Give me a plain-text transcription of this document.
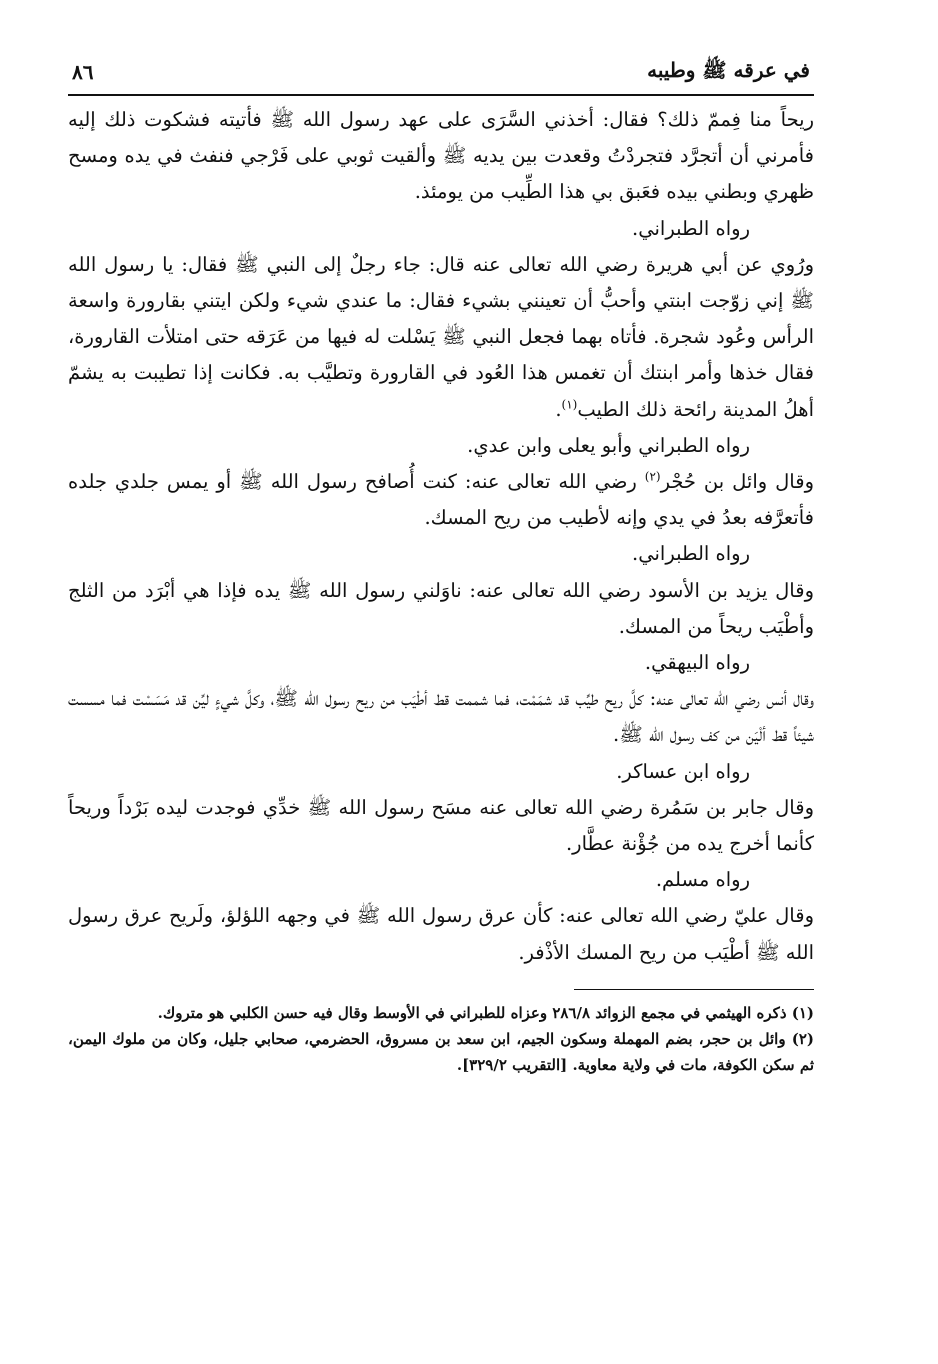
في عرقه ﷺ وطيبه
٨٦

ريحاً منا فِممّ ذلك؟ فقال: أخذني السَّرَى على عهد رسول الله ﷺ فأتيته فشكوت ذلك إليه فأمرني أن أتجرَّد فتجردْتُ وقعدت بين يديه ﷺ وألقيت ثوبي على فَرْجي فنفث في يده ومسح ظهري وبطني بيده فعَبق بي هذا الطِّيب من يومئذ.

رواه الطبراني.

ورُوي عن أبي هريرة رضي الله تعالى عنه قال: جاء رجلٌ إلى النبي ﷺ فقال: يا رسول الله ﷺ إني زوّجت ابنتي وأحبُّ أن تعينني بشيء فقال: ما عندي شيء ولكن ايتني بقارورة واسعة الرأس وعُود شجرة. فأتاه بهما فجعل النبي ﷺ يَسْلت له فيها من عَرَقه حتى امتلأت القارورة، فقال خذها وأمر ابنتك أن تغمس هذا العُود في القارورة وتطيَّب به. فكانت إذا تطيبت به يشمّ أهلُ المدينة رائحة ذلك الطيب$^{(١)}$.

رواه الطبراني وأبو يعلى وابن عدي.

وقال وائل بن حُجْر$^{(٢)}$ رضي الله تعالى عنه: كنت أُصافح رسول الله ﷺ أو يمس جلدي جلده فأتعرَّفه بعدُ في يدي وإنه لأطيب من ريح المسك.

رواه الطبراني.

وقال يزيد بن الأسود رضي الله تعالى عنه: ناوَلني رسول الله ﷺ يده فإذا هي أبْرَد من الثلج وأطْيَب ريحاً من المسك.

رواه البيهقي.

وقال أنس رضي الله تعالى عنه: كلَّ ريح طيِّب قد شمَمْت، فما شممت قط أطْيَب من ريح رسول الله ﷺ، وكلَّ شيءٍ ليِّن قد مَسَسْت فما مسست شيئاً قط ألْيَن من كف رسول الله ﷺ.

رواه ابن عساكر.

وقال جابر بن سَمُرة رضي الله تعالى عنه مسَح رسول الله ﷺ خدِّي فوجدت ليده بَرْداً وريحاً كأنما أخرج يده من جُؤْنة عطَّار.

رواه مسلم.

وقال عليّ رضي الله تعالى عنه: كأن عرق رسول الله ﷺ في وجهه اللؤلؤ، ولَريح عرق رسول الله ﷺ أطْيَب من ريح المسك الأذْفر.

(١) ذكره الهيثمي في مجمع الزوائد ٢٨٦/٨ وعزاه للطبراني في الأوسط وقال فيه حسن الكلبي هو متروك.

(٢) وائل بن حجر، بضم المهملة وسكون الجيم، ابن سعد بن مسروق، الحضرمي، صحابي جليل، وكان من ملوك اليمن، ثم سكن الكوفة، مات في ولاية معاوية. [التقريب ٣٢٩/٢].
